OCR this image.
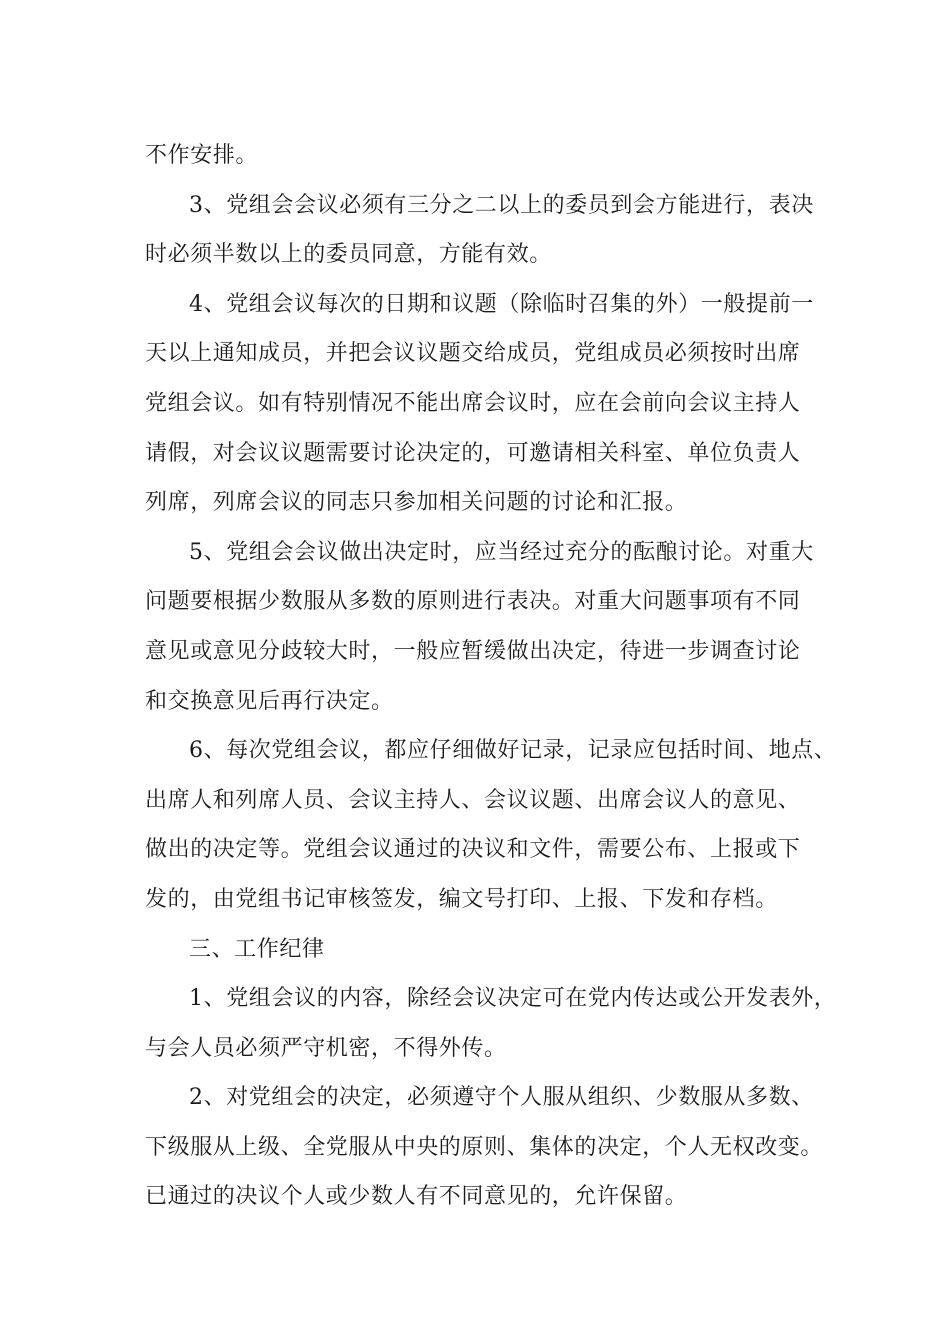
不作安排。
3、党组会会议必须有三分之二以上的委员到会方能进行，表决
时必须半数以上的委员同意，方能有效。
4、党组会议每次的日期和议题（除临时召集的外）一般提前一
天以上通知成员，并把会议议题交给成员，党组成员必须按时出席
党组会议。如有特别情况不能出席会议时，应在会前向会议主持人
请假，对会议议题需要讨论决定的，可邀请相关科室、单位负责人
列席，列席会议的同志只参加相关问题的讨论和汇报。
5、党组会会议做出决定时，应当经过充分的酝酿讨论。对重大
问题要根据少数服从多数的原则进行表决。对重大问题事项有不同
意见或意见分歧较大时，一般应暂缓做出决定，待进一步调查讨论
和交换意见后再行决定。
6、每次党组会议，都应仔细做好记录，记录应包括时间、地点、
出席人和列席人员、会议主持人、会议议题、出席会议人的意见、
做出的决定等。党组会议通过的决议和文件，需要公布、上报或下
发的，由党组书记审核签发，编文号打印、上报、下发和存档。
三、工作纪律
1、党组会议的内容，除经会议决定可在党内传达或公开发表外，
与会人员必须严守机密，不得外传。
2、对党组会的决定，必须遵守个人服从组织、少数服从多数、
下级服从上级、全党服从中央的原则、集体的决定，个人无权改变。
已通过的决议个人或少数人有不同意见的，允许保留。
